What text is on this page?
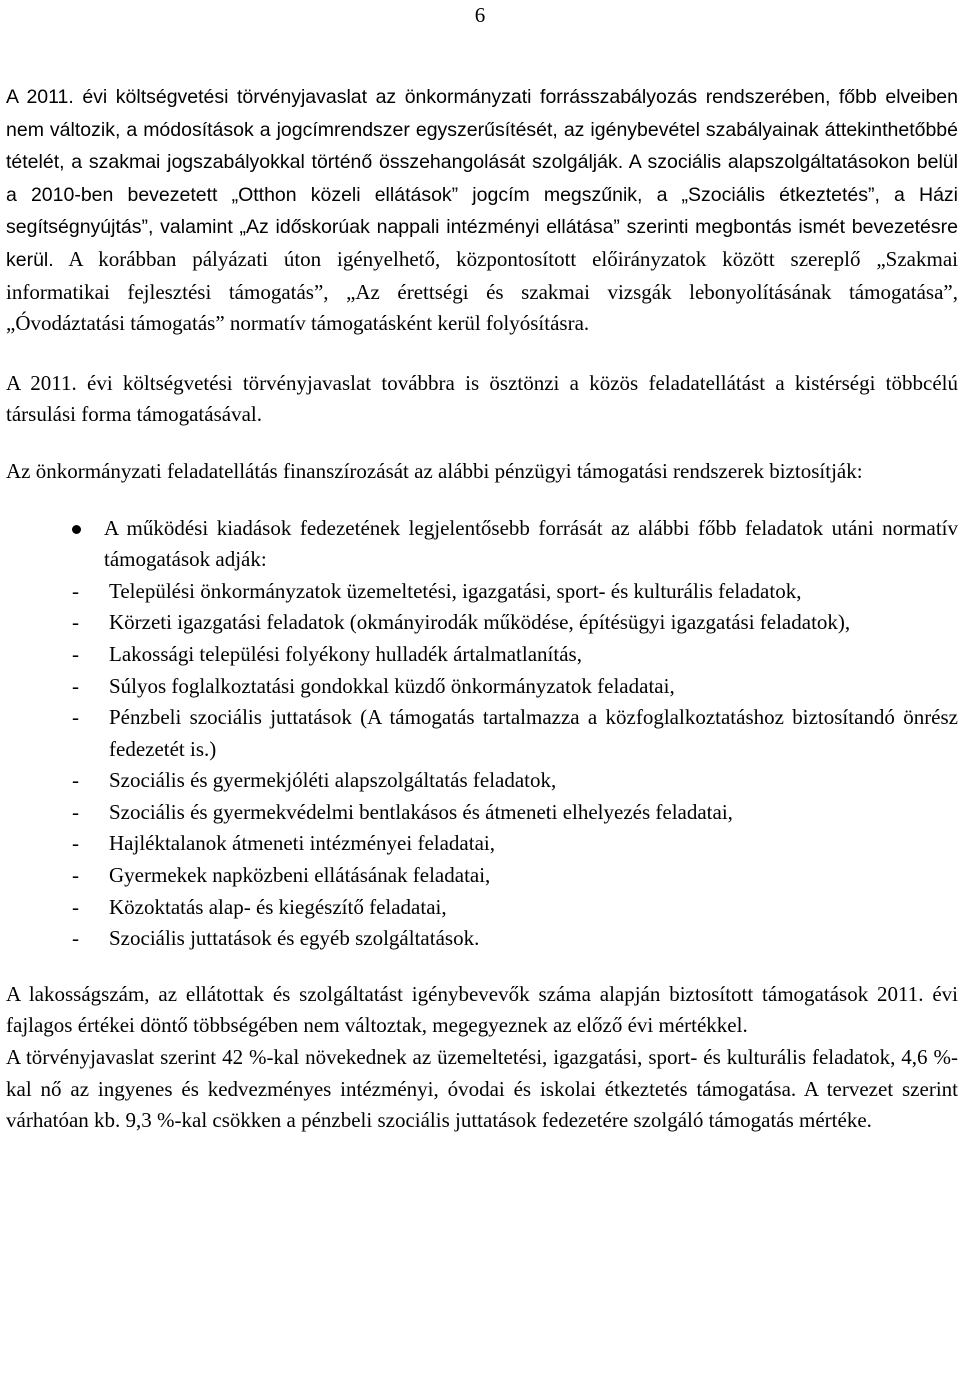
6

A 2011. évi költségvetési törvényjavaslat az önkormányzati forrásszabályozás rendszerében, főbb elveiben nem változik, a módosítások a jogcímrendszer egyszerűsítését, az igénybevétel szabályainak áttekinthetőbbé tételét, a szakmai jogszabályokkal történő összehangolását szolgálják. A szociális alapszolgáltatásokon belül a 2010-ben bevezetett „Otthon közeli ellátások” jogcím megszűnik, a „Szociális étkeztetés”, a Házi segítségnyújtás”, valamint „Az időskorúak nappali intézményi ellátása” szerinti megbontás ismét bevezetésre kerül. A korábban pályázati úton igényelhető, központosított előirányzatok között szereplő „Szakmai informatikai fejlesztési támogatás”, „Az érettségi és szakmai vizsgák lebonyolításának támogatása”, „Óvodáztatási támogatás” normatív támogatásként kerül folyósításra.

A 2011. évi költségvetési törvényjavaslat továbbra is ösztönzi a közös feladatellátást a kistérségi többcélú társulási forma támogatásával.

Az önkormányzati feladatellátás finanszírozását az alábbi pénzügyi támogatási rendszerek biztosítják:

A működési kiadások fedezetének legjelentősebb forrását az alábbi főbb feladatok utáni normatív támogatások adják:

- Települési önkormányzatok üzemeltetési, igazgatási, sport- és kulturális feladatok,
- Körzeti igazgatási feladatok (okmányirodák működése, építésügyi igazgatási feladatok),
- Lakossági települési folyékony hulladék ártalmatlanítás,
- Súlyos foglalkoztatási gondokkal küzdő önkormányzatok feladatai,
- Pénzbeli szociális juttatások (A támogatás tartalmazza a közfoglalkoztatáshoz biztosítandó önrész fedezetét is.)
- Szociális és gyermekjóléti alapszolgáltatás feladatok,
- Szociális és gyermekvédelmi bentlakásos és átmeneti elhelyezés feladatai,
- Hajléktalanok átmeneti intézményei feladatai,
- Gyermekek napközbeni ellátásának feladatai,
- Közoktatás alap- és kiegészítő feladatai,
- Szociális juttatások és egyéb szolgáltatások.

A lakosságszám, az ellátottak és szolgáltatást igénybevevők száma alapján biztosított támogatások 2011. évi fajlagos értékei döntő többségében nem változtak, megegyeznek az előző évi mértékkel.

A törvényjavaslat szerint 42 %-kal növekednek az üzemeltetési, igazgatási, sport- és kulturális feladatok, 4,6 %-kal nő az ingyenes és kedvezményes intézményi, óvodai és iskolai étkeztetés támogatása. A tervezet szerint várhatóan kb. 9,3 %-kal csökken a pénzbeli szociális juttatások fedezetére szolgáló támogatás mértéke.
